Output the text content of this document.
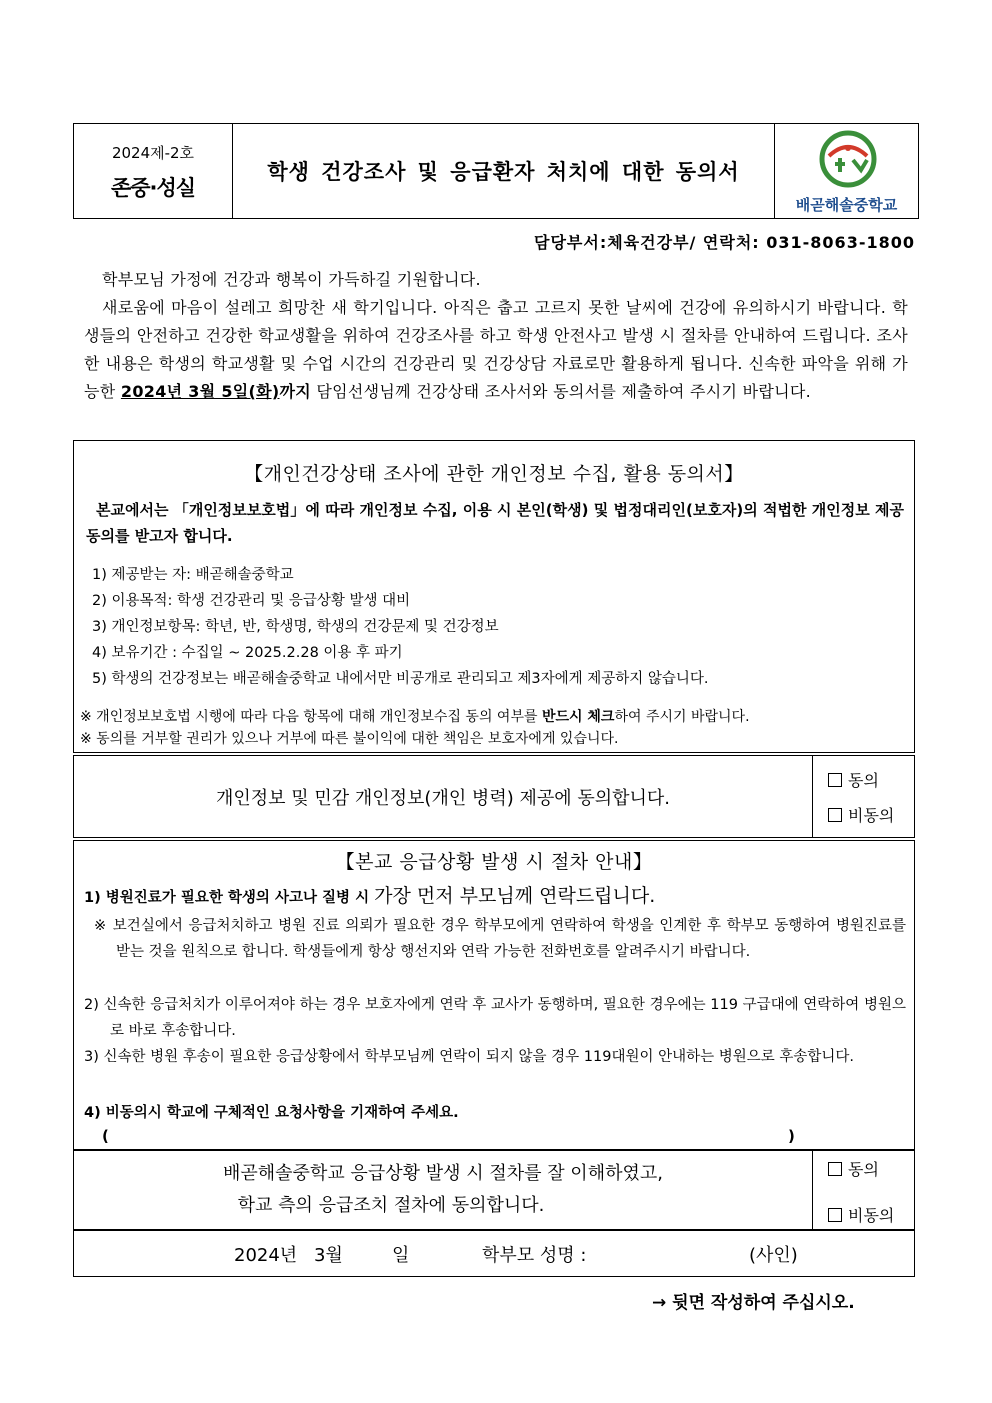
2024제-2호
존중·성실
학생 건강조사 및 응급환자 처치에 대한 동의서
배곧해솔중학교
담당부서:체육건강부/ 연락처: 031-8063-1800
학부모님 가정에 건강과 행복이 가득하길 기원합니다.
새로움에 마음이 설레고 희망찬 새 학기입니다. 아직은 춥고 고르지 못한 날씨에 건강에 유의하시기 바랍니다. 학생들의 안전하고 건강한 학교생활을 위하여 건강조사를 하고 학생 안전사고 발생 시 절차를 안내하여 드립니다. 조사한 내용은 학생의 학교생활 및 수업 시간의 건강관리 및 건강상담 자료로만 활용하게 됩니다. 신속한 파악을 위해 가능한 2024년 3월 5일(화)까지 담임선생님께 건강상태 조사서와 동의서를 제출하여 주시기 바랍니다.
【개인건강상태 조사에 관한 개인정보 수집, 활용 동의서】
본교에서는 「개인정보보호법」에 따라 개인정보 수집, 이용 시 본인(학생) 및 법정대리인(보호자)의 적법한 개인정보 제공 동의를 받고자 합니다.
1) 제공받는 자: 배곧해솔중학교
2) 이용목적: 학생 건강관리 및 응급상황 발생 대비
3) 개인정보항목: 학년, 반, 학생명, 학생의 건강문제 및 건강정보
4) 보유기간 : 수집일 ~ 2025.2.28 이용 후 파기
5) 학생의 건강정보는 배곧해솔중학교 내에서만 비공개로 관리되고 제3자에게 제공하지 않습니다.
※ 개인정보보호법 시행에 따라 다음 항목에 대해 개인정보수집 동의 여부를 반드시 체크하여 주시기 바랍니다.
※ 동의를 거부할 권리가 있으나 거부에 따른 불이익에 대한 책임은 보호자에게 있습니다.
개인정보 및 민감 개인정보(개인 병력) 제공에 동의합니다.
동의
비동의
【본교 응급상황 발생 시 절차 안내】
1) 병원진료가 필요한 학생의 사고나 질병 시 가장 먼저 부모님께 연락드립니다.
※ 보건실에서 응급처치하고 병원 진료 의뢰가 필요한 경우 학부모에게 연락하여 학생을 인계한 후 학부모 동행하여 병원진료를 받는 것을 원칙으로 합니다. 학생들에게 항상 행선지와 연락 가능한 전화번호를 알려주시기 바랍니다.
2) 신속한 응급처치가 이루어져야 하는 경우 보호자에게 연락 후 교사가 동행하며, 필요한 경우에는 119 구급대에 연락하여 병원으로 바로 후송합니다.
3) 신속한 병원 후송이 필요한 응급상황에서 학부모님께 연락이 되지 않을 경우 119대원이 안내하는 병원으로 후송합니다.
4) 비동의시 학교에 구체적인 요청사항을 기재하여 주세요.
(	)
배곧해솔중학교 응급상황 발생 시 절차를 잘 이해하였고,
학교 측의 응급조치 절차에 동의합니다.
동의
비동의
2024년 3월	일	학부모 성명 :	(사인)
→ 뒷면 작성하여 주십시오.
